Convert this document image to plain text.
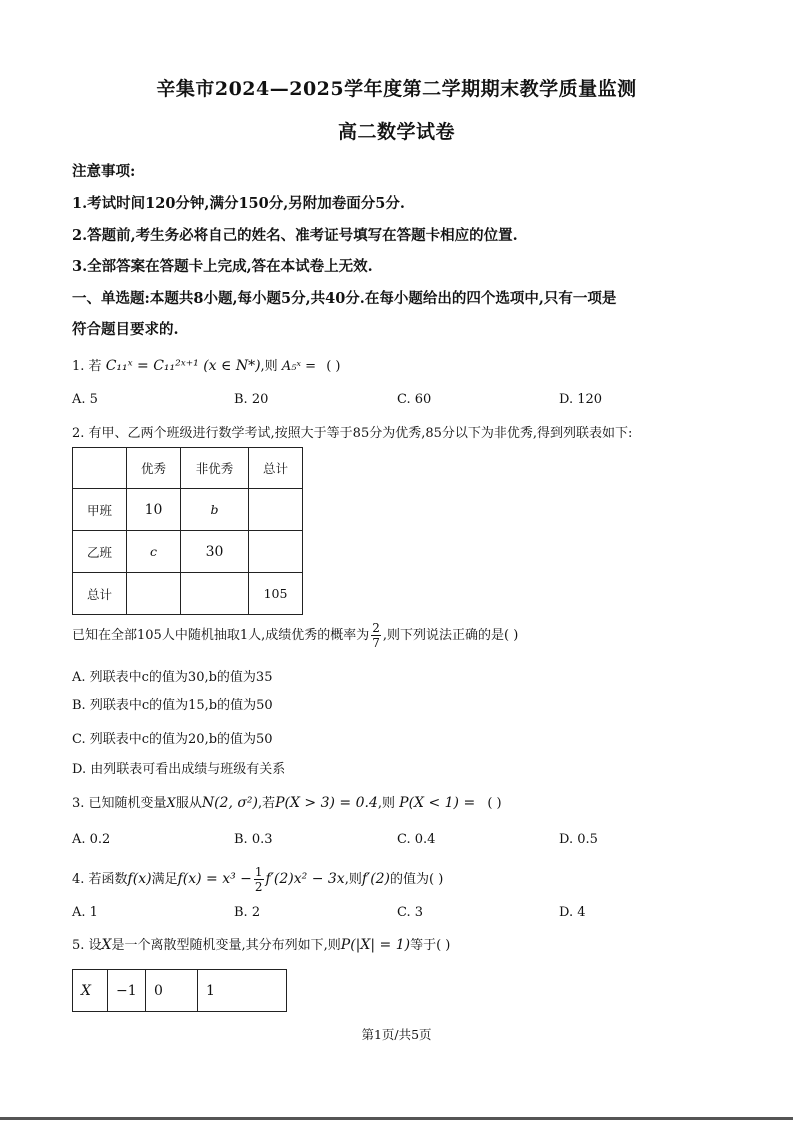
辛集市2024—2025学年度第二学期期末教学质量监测
高二数学试卷
注意事项:
1.考试时间120分钟,满分150分,另附加卷面分5分.
2.答题前,考生务必将自己的姓名、准考证号填写在答题卡相应的位置.
3.全部答案在答题卡上完成,答在本试卷上无效.
一、单选题:本题共8小题,每小题5分,共40分.在每小题给出的四个选项中,只有一项是
符合题目要求的.
1. 若 C₁₁ˣ = C₁₁²ˣ⁺¹ (x ∈ N*),则 A₅ˣ = ( )
A. 5	B. 20	C. 60	D. 120
2. 有甲、乙两个班级进行数学考试,按照大于等于85分为优秀,85分以下为非优秀,得到列联表如下:
	优秀	非优秀	总计
甲班	10	b	
乙班	c	30	
总计			105
已知在全部105人中随机抽取1人,成绩优秀的概率为 $\frac{2}{7}$ ,则下列说法正确的是( )
A. 列联表中c的值为30,b的值为35
B. 列联表中c的值为15,b的值为50
C. 列联表中c的值为20,b的值为50
D. 由列联表可看出成绩与班级有关系
3. 已知随机变量X服从N(2, σ²),若P(X > 3) = 0.4,则 P(X < 1) = ( )
A. 0.2	B. 0.3	C. 0.4	D. 0.5
4. 若函数f(x)满足$f(x) = x^3 - \frac{1}{2} f'(2)x^2 - 3x$,则f′(2)的值为( )
A. 1	B. 2	C. 3	D. 4
5. 设X是一个离散型随机变量,其分布列如下,则P(|X| = 1)等于( )
X	−1	0	1
第1页/共5页
